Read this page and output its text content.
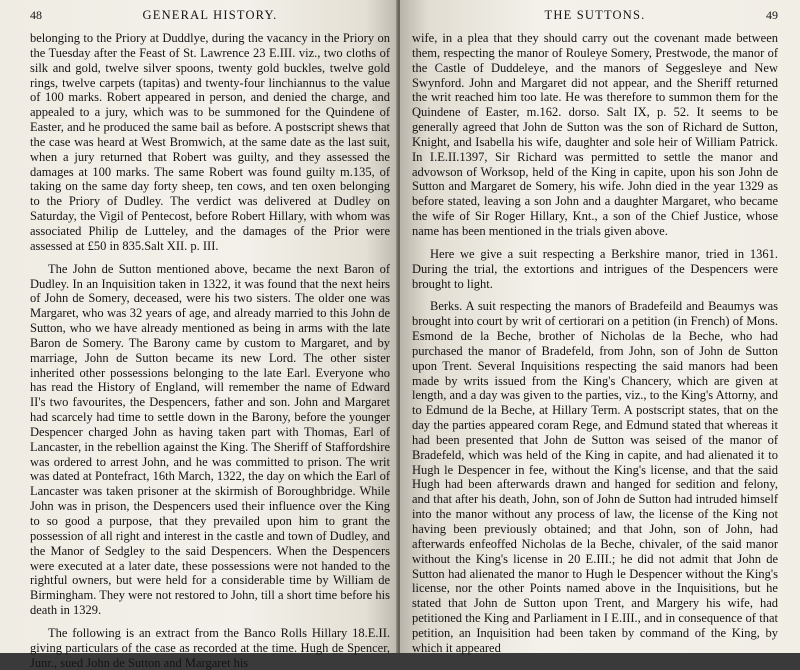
48	GENERAL HISTORY.

belonging to the Priory at Duddlye, during the vacancy in the Priory on the Tuesday after the Feast of St. Lawrence 23 E.III. viz., two cloths of silk and gold, twelve silver spoons, twenty gold buckles, twelve gold rings, twelve carpets (tapitas) and twenty-four linchiannus to the value of 100 marks. Robert appeared in person, and denied the charge, and appealed to a jury, which was to be summoned for the Quindene of Easter, and he produced the same bail as before. A postscript shews that the case was heard at West Bromwich, at the same date as the last suit, when a jury returned that Robert was guilty, and they assessed the damages at 100 marks. The same Robert was found guilty m.135, of taking on the same day forty sheep, ten cows, and ten oxen belonging to the Priory of Dudley. The verdict was delivered at Dudley on Saturday, the Vigil of Pentecost, before Robert Hillary, with whom was associated Philip de Lutteley, and the damages of the Prior were assessed at £50 in 835.Salt XII. p. III.

The John de Sutton mentioned above, became the next Baron of Dudley. In an Inquisition taken in 1322, it was found that the next heirs of John de Somery, deceased, were his two sisters. The older one was Margaret, who was 32 years of age, and already married to this John de Sutton, who we have already mentioned as being in arms with the late Baron de Somery. The Barony came by custom to Margaret, and by marriage, John de Sutton became its new Lord. The other sister inherited other possessions belonging to the late Earl. Everyone who has read the History of England, will remember the name of Edward II's two favourites, the Despencers, father and son. John and Margaret had scarcely had time to settle down in the Barony, before the younger Despencer charged John as having taken part with Thomas, Earl of Lancaster, in the rebellion against the King. The Sheriff of Staffordshire was ordered to arrest John, and he was committed to prison. The writ was dated at Pontefract, 16th March, 1322, the day on which the Earl of Lancaster was taken prisoner at the skirmish of Boroughbridge. While John was in prison, the Despencers used their influence over the King to so good a purpose, that they prevailed upon him to grant the possession of all right and interest in the castle and town of Dudley, and the Manor of Sedgley to the said Despencers. When the Despencers were executed at a later date, these possessions were not handed to the rightful owners, but were held for a considerable time by William de Birmingham. They were not restored to John, till a short time before his death in 1329.

The following is an extract from the Banco Rolls Hillary 18.E.II. giving particulars of the case as recorded at the time. Hugh de Spencer, Junr., sued John de Sutton and Margaret his

THE SUTTONS.	49

wife, in a plea that they should carry out the covenant made between them, respecting the manor of Rouleye Somery, Prestwode, the manor of the Castle of Duddeleye, and the manors of Seggesleye and New Swynford. John and Margaret did not appear, and the Sheriff returned the writ reached him too late. He was therefore to summon them for the Quindene of Easter, m.162. dorso. Salt IX, p. 52. It seems to be generally agreed that John de Sutton was the son of Richard de Sutton, Knight, and Isabella his wife, daughter and sole heir of William Patrick. In I.E.II.1397, Sir Richard was permitted to settle the manor and advowson of Worksop, held of the King in capite, upon his son John de Sutton and Margaret de Somery, his wife. John died in the year 1329 as before stated, leaving a son John and a daughter Margaret, who became the wife of Sir Roger Hillary, Knt., a son of the Chief Justice, whose name has been mentioned in the trials given above.

Here we give a suit respecting a Berkshire manor, tried in 1361. During the trial, the extortions and intrigues of the Despencers were brought to light.

Berks. A suit respecting the manors of Bradefeild and Beaumys was brought into court by writ of certiorari on a petition (in French) of Mons. Esmond de la Beche, brother of Nicholas de la Beche, who had purchased the manor of Bradefeld, from John, son of John de Sutton upon Trent. Several Inquisitions respecting the said manors had been made by writs issued from the King's Chancery, which are given at length, and a day was given to the parties, viz., to the King's Attorny, and to Edmund de la Beche, at Hillary Term. A postscript states, that on the day the parties appeared coram Rege, and Edmund stated that whereas it had been presented that John de Sutton was seised of the manor of Bradefeld, which was held of the King in capite, and had alienated it to Hugh le Despencer in fee, without the King's license, and that the said Hugh had been afterwards drawn and hanged for sedition and felony, and that after his death, John, son of John de Sutton had intruded himself into the manor without any process of law, the license of the King not having been previously obtained; and that John, son of John, had afterwards enfeoffed Nicholas de la Beche, chivaler, of the said manor without the King's license in 20 E.III.; he did not admit that John de Sutton had alienated the manor to Hugh le Despencer without the King's license, nor the other Points named above in the Inquisitions, but he stated that John de Sutton upon Trent, and Margery his wife, had petitioned the King and Parliament in I E.III., and in consequence of that petition, an Inquisition had been taken by command of the King, by which it appeared
